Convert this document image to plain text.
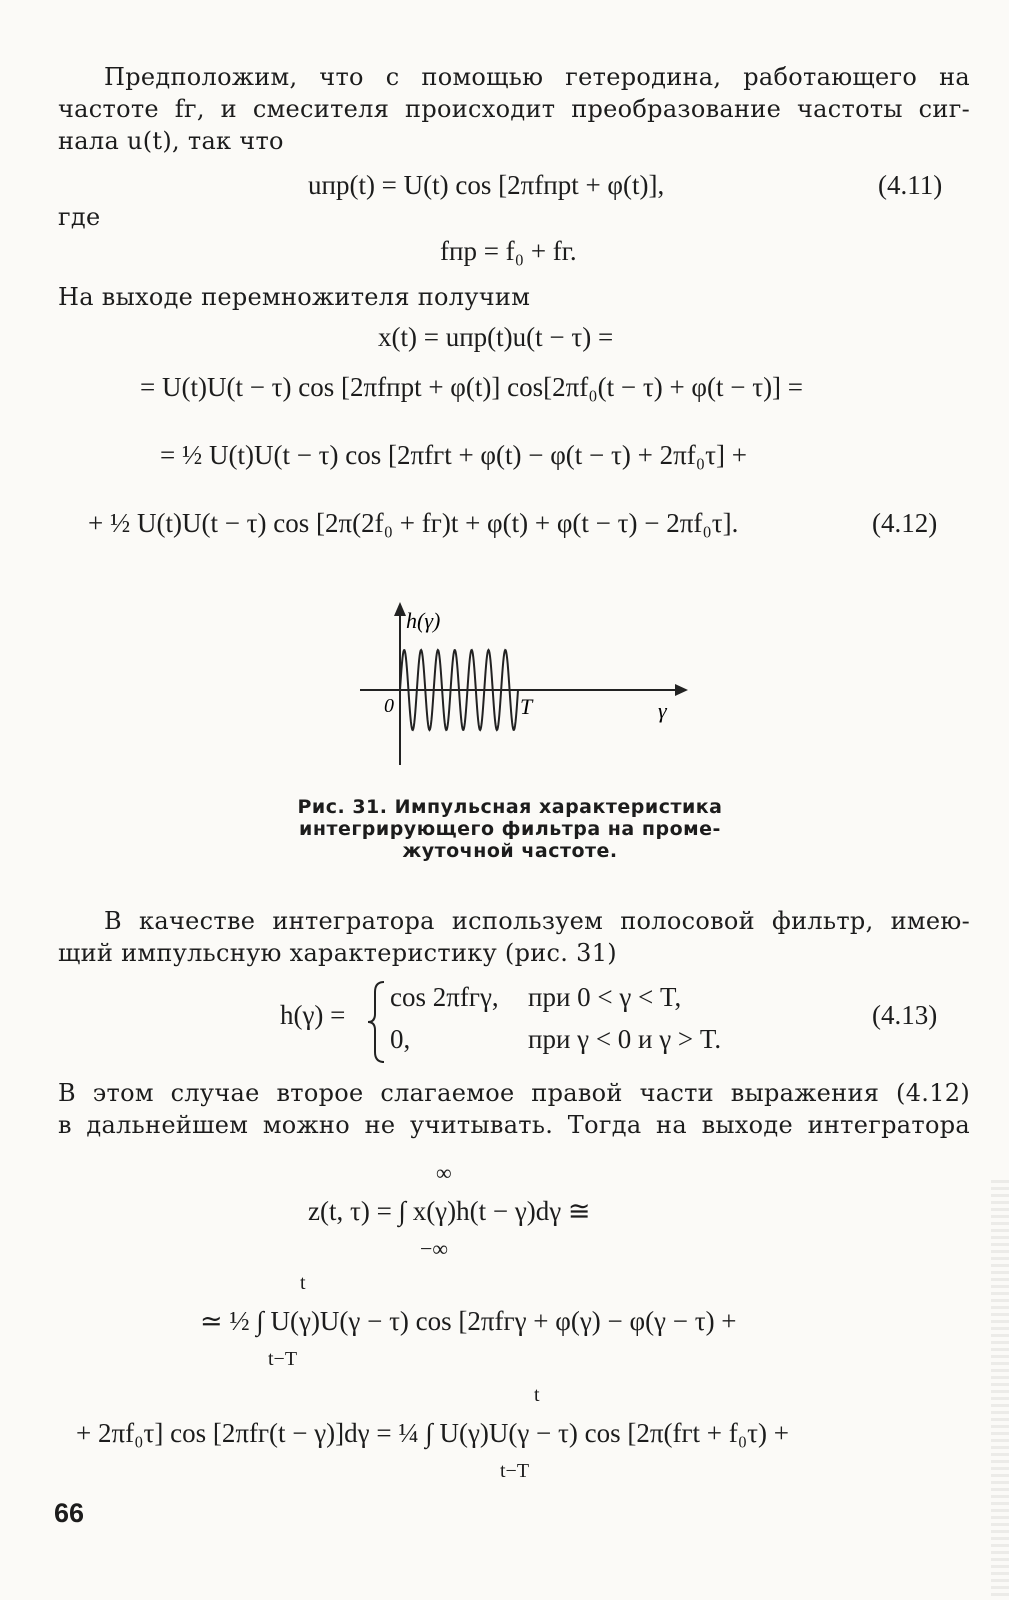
Предположим, что с помощью гетеродина, работающего на
частоте fг, и смесителя происходит преобразование частоты сиг-
нала u(t), так что
uпр(t) = U(t) cos [2πfпрt + φ(t)],	(4.11)
где
fпр = f₀ + fг.
На выходе перемножителя получим
x(t) = uпр(t)u(t − τ) =
= U(t)U(t − τ) cos [2πfпрt + φ(t)] cos[2πf₀(t − τ) + φ(t − τ)] =
= ½ U(t)U(t − τ) cos [2πfгt + φ(t) − φ(t − τ) + 2πf₀τ] +
+ ½ U(t)U(t − τ) cos [2π(2f₀ + fг)t + φ(t) + φ(t − τ) − 2πf₀τ].	(4.12)
h(γ)
0	T	γ
Рис. 31. Импульсная характеристика
интегрирующего фильтра на проме-
жуточной частоте.
В качестве интегратора используем полосовой фильтр, имею-
щий импульсную характеристику (рис. 31)
h(γ) =
cos 2πfгγ, при 0 < γ < T,
0,	при γ < 0 и γ > T.
(4.13)
В этом случае второе слагаемое правой части выражения (4.12)
в дальнейшем можно не учитывать. Тогда на выходе интегратора
∞
z(t, τ) = ∫ x(γ)h(t − γ)dγ ≅
−∞
t
≃ ½ ∫ U(γ)U(γ − τ) cos [2πfгγ + φ(γ) − φ(γ − τ) +
t−T
t
+ 2πf₀τ] cos [2πfг(t − γ)]dγ = ¼ ∫ U(γ)U(γ − τ) cos [2π(fгt + f₀τ) +
t−T
66
